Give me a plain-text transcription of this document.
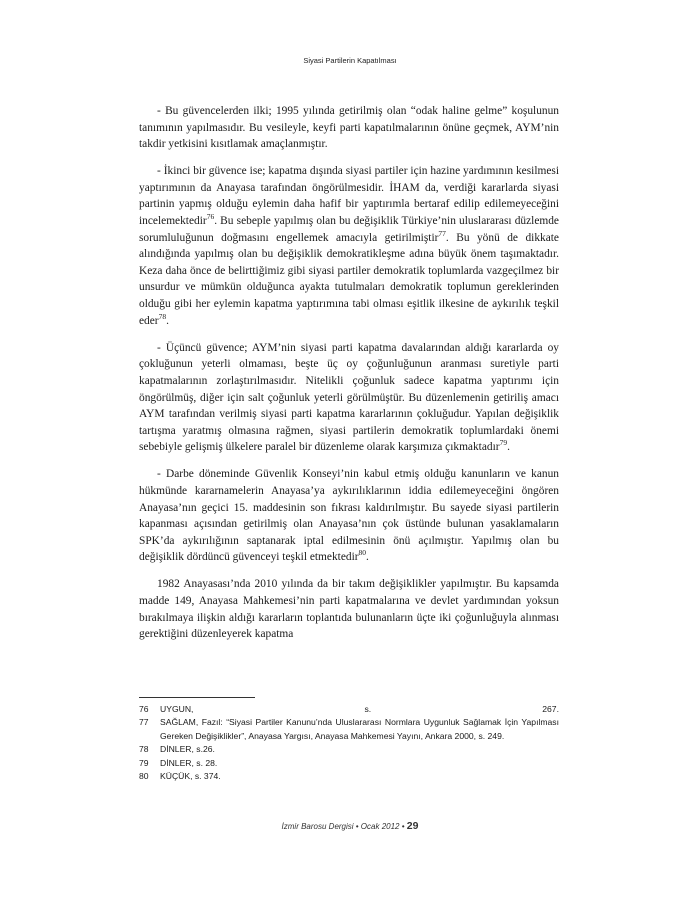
Siyasi Partilerin Kapatılması

- Bu güvencelerden ilki; 1995 yılında getirilmiş olan “odak haline gelme” koşulunun tanımının yapılmasıdır. Bu vesileyle, keyfi parti kapatılmalarının önüne geçmek, AYM’nin takdir yetkisini kısıtlamak amaçlanmıştır.

- İkinci bir güvence ise; kapatma dışında siyasi partiler için hazine yardımının kesilmesi yaptırımının da Anayasa tarafından öngörülmesidir. İHAM da, verdiği kararlarda siyasi partinin yapmış olduğu eylemin daha hafif bir yaptırımla bertaraf edilip edilemeyeceğini incelemektedir$^{76}$. Bu sebeple yapılmış olan bu değişiklik Türkiye’nin uluslararası düzlemde sorumluluğunun doğmasını engellemek amacıyla getirilmiştir$^{77}$. Bu yönü de dikkate alındığında yapılmış olan bu değişiklik demokratikleşme adına büyük önem taşımaktadır. Keza daha önce de belirttiğimiz gibi siyasi partiler demokratik toplumlarda vazgeçilmez bir unsurdur ve mümkün olduğunca ayakta tutulmaları demokratik toplumun gereklerinden olduğu gibi her eylemin kapatma yaptırımına tabi olması eşitlik ilkesine de aykırılık teşkil eder$^{78}$.

- Üçüncü güvence; AYM’nin siyasi parti kapatma davalarından aldığı kararlarda oy çokluğunun yeterli olmaması, beşte üç oy çoğunluğunun aranması suretiyle parti kapatmalarının zorlaştırılmasıdır. Nitelikli çoğunluk sadece kapatma yaptırımı için öngörülmüş, diğer için salt çoğunluk yeterli görülmüştür. Bu düzenlemenin getiriliş amacı AYM tarafından verilmiş siyasi parti kapatma kararlarının çokluğudur. Yapılan değişiklik tartışma yaratmış olmasına rağmen, siyasi partilerin demokratik toplumlardaki önemi sebebiyle gelişmiş ülkelere paralel bir düzenleme olarak karşımıza çıkmaktadır$^{79}$.

- Darbe döneminde Güvenlik Konseyi’nin kabul etmiş olduğu kanunların ve kanun hükmünde kararnamelerin Anayasa’ya aykırılıklarının iddia edilemeyeceğini öngören Anayasa’nın geçici 15. maddesinin son fıkrası kaldırılmıştır. Bu sayede siyasi partilerin kapanması açısından getirilmiş olan Anayasa’nın çok üstünde bulunan yasaklamaların SPK’da aykırılığının saptanarak iptal edilmesinin önü açılmıştır. Yapılmış olan bu değişiklik dördüncü güvenceyi teşkil etmektedir$^{80}$.

1982 Anayasası’nda 2010 yılında da bir takım değişiklikler yapılmıştır. Bu kapsamda madde 149, Anayasa Mahkemesi’nin parti kapatmalarına ve devlet yardımından yoksun bırakılmaya ilişkin aldığı kararların toplantıda bulunanların üçte iki çoğunluğuyla alınması gerektiğini düzenleyerek kapatma

76	UYGUN,	s.	267.
77	SAĞLAM, Fazıl: “Siyasi Partiler Kanunu’nda Uluslararası Normlara Uygunluk Sağlamak İçin Yapılması Gereken Değişiklikler”, Anayasa Yargısı, Anayasa Mahkemesi Yayını, Ankara 2000, s. 249.
78	DİNLER, s.26.
79	DİNLER, s. 28.
80	KÜÇÜK, s. 374.
İzmir Barosu Dergisi • Ocak 2012 • 29
